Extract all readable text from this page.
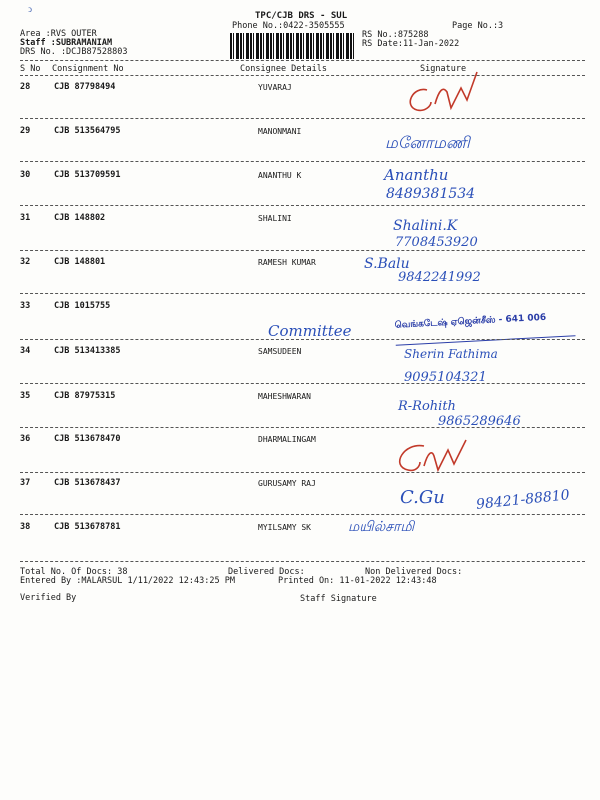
ↄ
TPC/CJB DRS - SUL
Phone No.:0422-3505555	Page No.:3
Area :RVS OUTER
Staff :SUBRAMANIAM
DRS No. :DCJB87528803
RS No.:875288
RS Date:11-Jan-2022
S No Consignment No	Consignee Details	Signature
28	CJB 87798494	YUVARAJ
29	CJB 513564795	MANONMANI
மனோமணி
30	CJB 513709591	ANANTHU K	Ananthu
8489381534
31	CJB 148802	SHALINI	Shalini.K
7708453920
32	CJB 148801	RAMESH KUMAR	S.Balu
9842241992
33	CJB 1015755
Committee
வெங்கடேஷ் ஏஜென்சீஸ் - 641 006
34	CJB 513413385	SAMSUDEEN	Sherin Fathima
9095104321
35	CJB 87975315	MAHESHWARAN
R-Rohith
9865289646
36	CJB 513678470	DHARMALINGAM
37	CJB 513678437	GURUSAMY RAJ
C.Gu 98421-88810
38	CJB 513678781	MYILSAMY SK	மயில்சாமி
Total No. Of Docs: 38	Delivered Docs:	Non Delivered Docs:
Entered By :MALARSUL 1/11/2022 12:43:25 PM	Printed On: 11-01-2022 12:43:48
Verified By	Staff Signature
